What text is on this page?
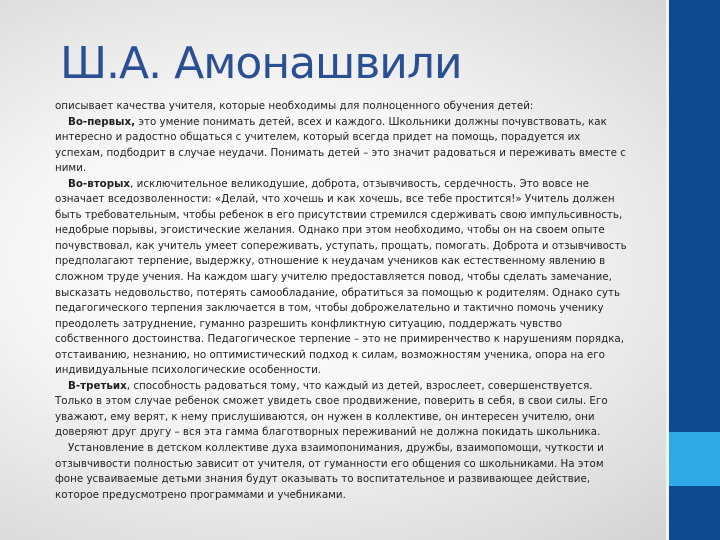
Ш.А. Амонашвили

описывает качества учителя, которые необходимы для полноценного обучения детей:

Во-первых, это умение понимать детей, всех и каждого. Школьники должны почувствовать, как интересно и радостно общаться с учителем, который всегда придет на помощь, порадуется их успехам, подбодрит в случае неудачи. Понимать детей – это значит радоваться и переживать вместе с ними.

Во-вторых, исключительное великодушие, доброта, отзывчивость, сердечность. Это вовсе не означает вседозволенности: «Делай, что хочешь и как хочешь, все тебе простится!» Учитель должен быть требовательным, чтобы ребенок в его присутствии стремился сдерживать свою импульсивность, недобрые порывы, эгоистические желания. Однако при этом необходимо, чтобы он на своем опыте почувствовал, как учитель умеет сопереживать, уступать, прощать, помогать. Доброта и отзывчивость предполагают терпение, выдержку, отношение к неудачам учеников как естественному явлению в сложном труде учения. На каждом шагу учителю предоставляется повод, чтобы сделать замечание, высказать недовольство, потерять самообладание, обратиться за помощью к родителям. Однако суть педагогического терпения заключается в том, чтобы доброжелательно и тактично помочь ученику преодолеть затруднение, гуманно разрешить конфликтную ситуацию, поддержать чувство собственного достоинства. Педагогическое терпение – это не примиренчество к нарушениям порядка, отстаиванию, незнанию, но оптимистический подход к силам, возможностям ученика, опора на его индивидуальные психологические особенности.

В-третьих, способность радоваться тому, что каждый из детей, взрослеет, совершенствуется. Только в этом случае ребенок сможет увидеть свое продвижение, поверить в себя, в свои силы. Его уважают, ему верят, к нему прислушиваются, он нужен в коллективе, он интересен учителю, они доверяют друг другу – вся эта гамма благотворных переживаний не должна покидать школьника.

Установление в детском коллективе духа взаимопонимания, дружбы, взаимопомощи, чуткости и отзывчивости полностью зависит от учителя, от гуманности его общения со школьниками. На этом фоне усваиваемые детьми знания будут оказывать то воспитательное и развивающее действие, которое предусмотрено программами и учебниками.
